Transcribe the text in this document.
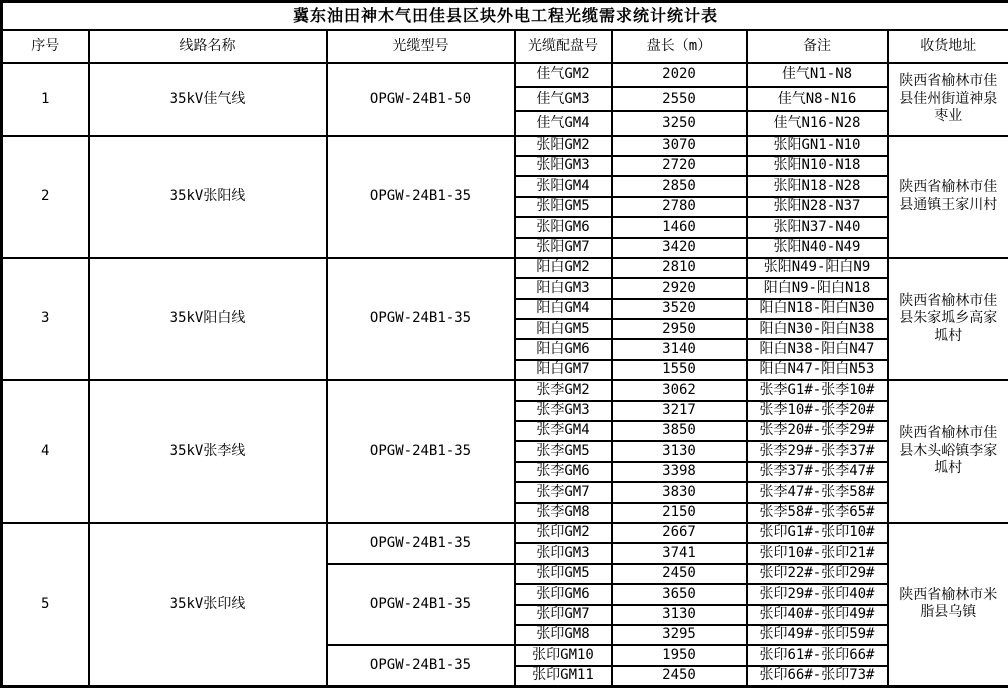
冀东油田神木气田佳县区块外电工程光缆需求统计统计表						
序号	线路名称	光缆型号	光缆配盘号	盘长（m）	备注	收货地址
1	35kV佳气线	OPGW-24B1-50	佳气GM2	2020	佳气N1-N8	陕西省榆林市佳县佳州街道神泉枣业
			佳气GM3	2550	佳气N8-N16	
			佳气GM4	3250	佳气N16-N28	
2	35kV张阳线	OPGW-24B1-35	张阳GM2	3070	张阳GN1-N10	陕西省榆林市佳县通镇王家川村
			张阳GM3	2720	张阳N10-N18	
			张阳GM4	2850	张阳N18-N28	
			张阳GM5	2780	张阳N28-N37	
			张阳GM6	1460	张阳N37-N40	
			张阳GM7	3420	张阳N40-N49	
3	35kV阳白线	OPGW-24B1-35	阳白GM2	2810	张阳N49-阳白N9	陕西省榆林市佳县朱家坬乡高家坬村
			阳白GM3	2920	阳白N9-阳白N18	
			阳白GM4	3520	阳白N18-阳白N30	
			阳白GM5	2950	阳白N30-阳白N38	
			阳白GM6	3140	阳白N38-阳白N47	
			阳白GM7	1550	阳白N47-阳白N53	
4	35kV张李线	OPGW-24B1-35	张李GM2	3062	张李G1#-张李10#	陕西省榆林市佳县木头峪镇李家坬村
			张李GM3	3217	张李10#-张李20#	
			张李GM4	3850	张李20#-张李29#	
			张李GM5	3130	张李29#-张李37#	
			张李GM6	3398	张李37#-张李47#	
			张李GM7	3830	张李47#-张李58#	
			张李GM8	2150	张李58#-张李65#	
5	35kV张印线	OPGW-24B1-35	张印GM2	2667	张印G1#-张印10#	陕西省榆林市米脂县乌镇
			张印GM3	3741	张印10#-张印21#	
		OPGW-24B1-35	张印GM5	2450	张印22#-张印29#	
			张印GM6	3650	张印29#-张印40#	
			张印GM7	3130	张印40#-张印49#	
			张印GM8	3295	张印49#-张印59#	
		OPGW-24B1-35	张印GM10	1950	张印61#-张印66#	
			张印GM11	2450	张印66#-张印73#	
